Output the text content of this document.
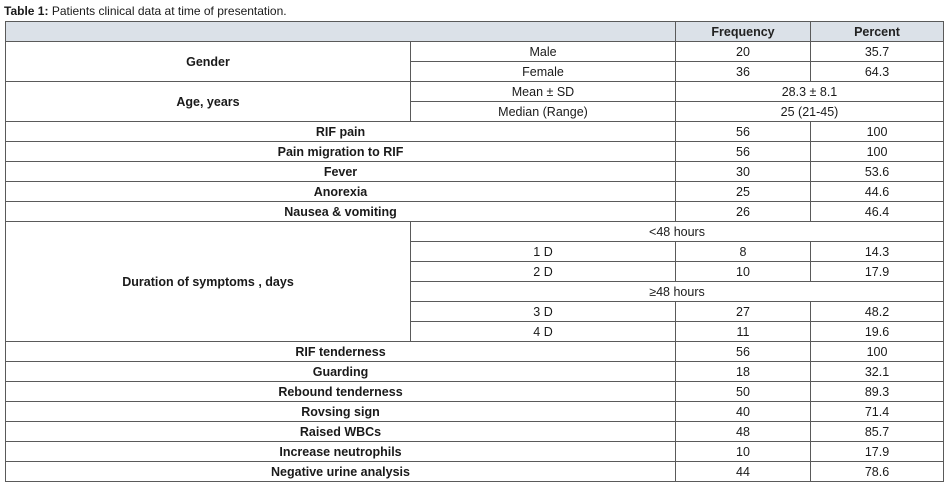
Table 1: Patients clinical data at time of presentation.
		Frequency	Percent
Gender	Male	20	35.7
	Female	36	64.3
Age, years	Mean ± SD	28.3 ± 8.1	
	Median (Range)	25 (21-45)	
RIF pain		56	100
Pain migration to RIF		56	100
Fever		30	53.6
Anorexia		25	44.6
Nausea & vomiting		26	46.4
Duration of symptoms , days	<48 hours		
	1 D	8	14.3
	2 D	10	17.9
	≥48 hours		
	3 D	27	48.2
	4 D	11	19.6
RIF tenderness		56	100
Guarding		18	32.1
Rebound tenderness		50	89.3
Rovsing sign		40	71.4
Raised WBCs		48	85.7
Increase neutrophils		10	17.9
Negative urine analysis		44	78.6
